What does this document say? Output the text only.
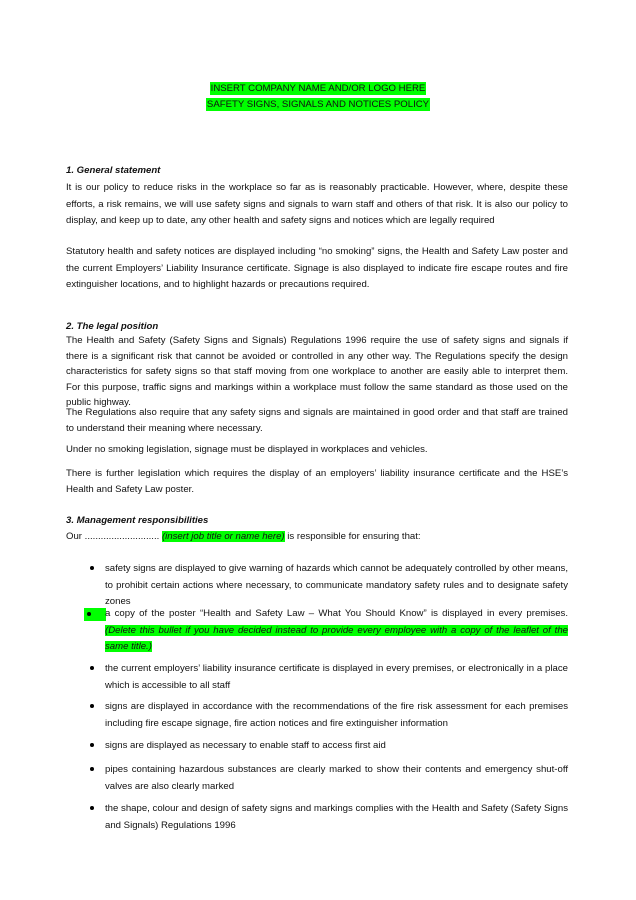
INSERT COMPANY NAME AND/OR LOGO HERE
SAFETY SIGNS, SIGNALS AND NOTICES POLICY
1. General statement
It is our policy to reduce risks in the workplace so far as is reasonably practicable. However, where, despite these efforts, a risk remains, we will use safety signs and signals to warn staff and others of that risk. It is also our policy to display, and keep up to date, any other health and safety signs and notices which are legally required
Statutory health and safety notices are displayed including “no smoking” signs, the Health and Safety Law poster and the current Employers’ Liability Insurance certificate. Signage is also displayed to indicate fire escape routes and fire extinguisher locations, and to highlight hazards or precautions required.
2. The legal position
The Health and Safety (Safety Signs and Signals) Regulations 1996 require the use of safety signs and signals if there is a significant risk that cannot be avoided or controlled in any other way. The Regulations specify the design characteristics for safety signs so that staff moving from one workplace to another are easily able to interpret them. For this purpose, traffic signs and markings within a workplace must follow the same standard as those used on the public highway.
The Regulations also require that any safety signs and signals are maintained in good order and that staff are trained to understand their meaning where necessary.
Under no smoking legislation, signage must be displayed in workplaces and vehicles.
There is further legislation which requires the display of an employers’ liability insurance certificate and the HSE’s Health and Safety Law poster.
3. Management responsibilities
Our ............................ (insert job title or name here) is responsible for ensuring that:
safety signs are displayed to give warning of hazards which cannot be adequately controlled by other means, to prohibit certain actions where necessary, to communicate mandatory safety rules and to designate safety zones
a copy of the poster “Health and Safety Law – What You Should Know” is displayed in every premises. (Delete this bullet if you have decided instead to provide every employee with a copy of the leaflet of the same title.)
the current employers’ liability insurance certificate is displayed in every premises, or electronically in a place which is accessible to all staff
signs are displayed in accordance with the recommendations of the fire risk assessment for each premises including fire escape signage, fire action notices and fire extinguisher information
signs are displayed as necessary to enable staff to access first aid
pipes containing hazardous substances are clearly marked to show their contents and emergency shut-off valves are also clearly marked
the shape, colour and design of safety signs and markings complies with the Health and Safety (Safety Signs and Signals) Regulations 1996
